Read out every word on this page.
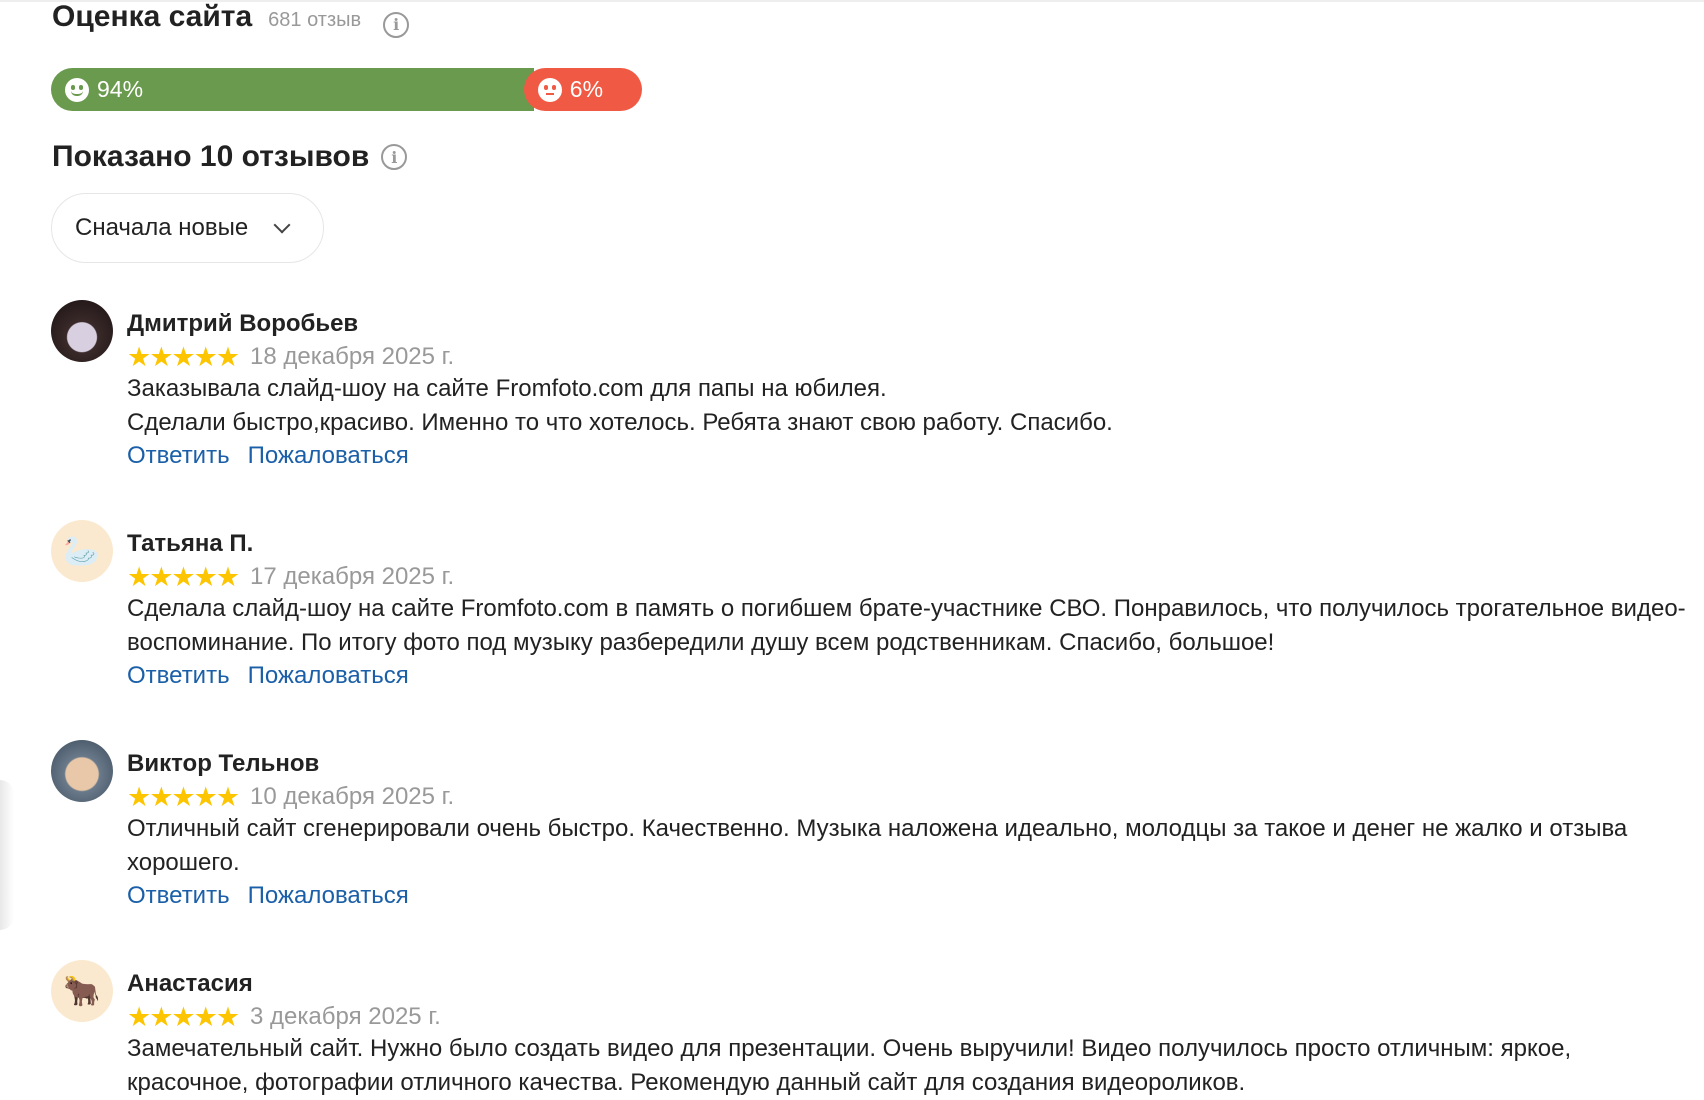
Оценка сайта 681 отзыв	i
94%	6%
Показано 10 отзывов	i
Сначала новые
Дмитрий Воробьев
★★★★★ 18 декабря 2025 г.
Заказывала слайд-шоу на сайте Fromfoto.com для папы на юбилея.
Сделали быстро,красиво. Именно то что хотелось. Ребята знают свою работу. Спасибо.
Ответить Пожаловаться
🦢	Татьяна П.
★★★★★ 17 декабря 2025 г.
Сделала слайд-шоу на сайте Fromfoto.com в память о погибшем брате-участнике СВО. Понравилось, что получилось трогательное видео-воспоминание. По итогу фото под музыку разбередили душу всем родственникам. Спасибо, большое!
Ответить Пожаловаться
Виктор Тельнов
★★★★★ 10 декабря 2025 г.
Отличный сайт сгенерировали очень быстро. Качественно. Музыка наложена идеально, молодцы за такое и денег не жалко и отзыва хорошего.
Ответить Пожаловаться
🐂	Анастасия
★★★★★ 3 декабря 2025 г.
Замечательный сайт. Нужно было создать видео для презентации. Очень выручили! Видео получилось просто отличным: яркое, красочное, фотографии отличного качества. Рекомендую данный сайт для создания видеороликов.
